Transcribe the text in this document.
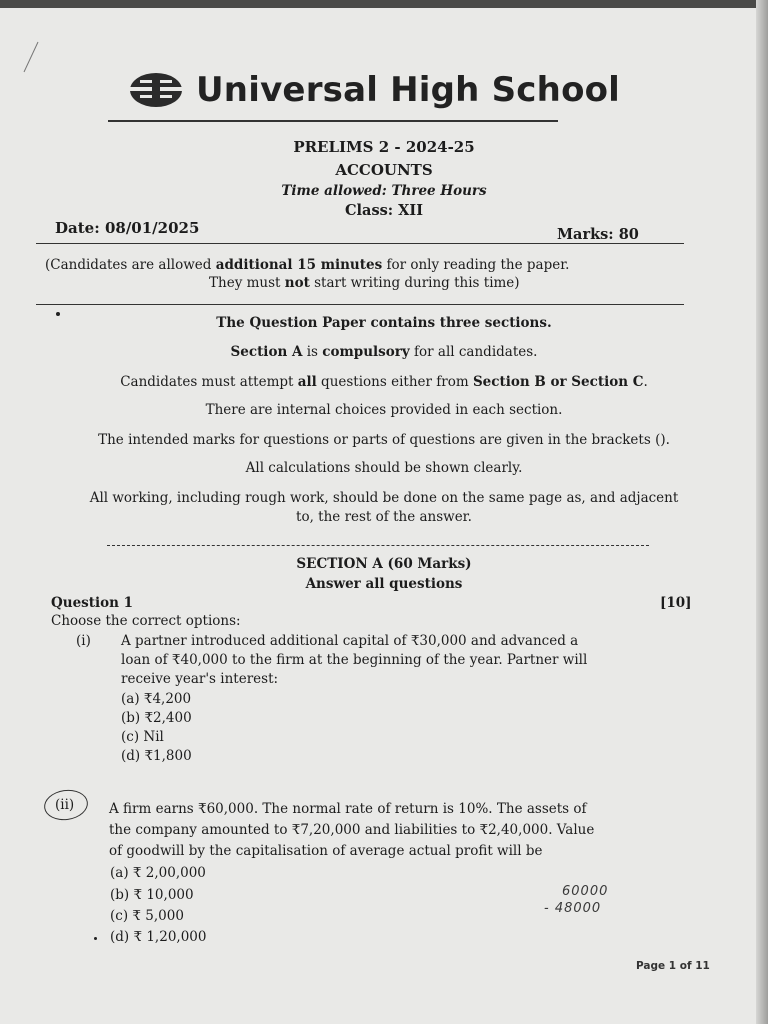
Universal High School
PRELIMS 2 - 2024-25
ACCOUNTS
Time allowed: Three Hours
Class: XII
Date: 08/01/2025	Marks: 80
(Candidates are allowed additional 15 minutes for only reading the paper.
They must not start writing during this time)
The Question Paper contains three sections.
Section A is compulsory for all candidates.
Candidates must attempt all questions either from Section B or Section C.
There are internal choices provided in each section.
The intended marks for questions or parts of questions are given in the brackets ().
All calculations should be shown clearly.
All working, including rough work, should be done on the same page as, and adjacent
to, the rest of the answer.
SECTION A (60 Marks)
Answer all questions
Question 1	[10]
Choose the correct options:
(i) A partner introduced additional capital of ₹30,000 and advanced a
loan of ₹40,000 to the firm at the beginning of the year. Partner will
receive year's interest:
(a) ₹4,200
(b) ₹2,400
(c) Nil
(d) ₹1,800
(ii)	A firm earns ₹60,000. The normal rate of return is 10%. The assets of
the company amounted to ₹7,20,000 and liabilities to ₹2,40,000. Value
of goodwill by the capitalisation of average actual profit will be
(a) ₹ 2,00,000
(b) ₹ 10,000
(c) ₹ 5,000
(d) ₹ 1,20,000
60000
- 48000
Page 1 of 11
